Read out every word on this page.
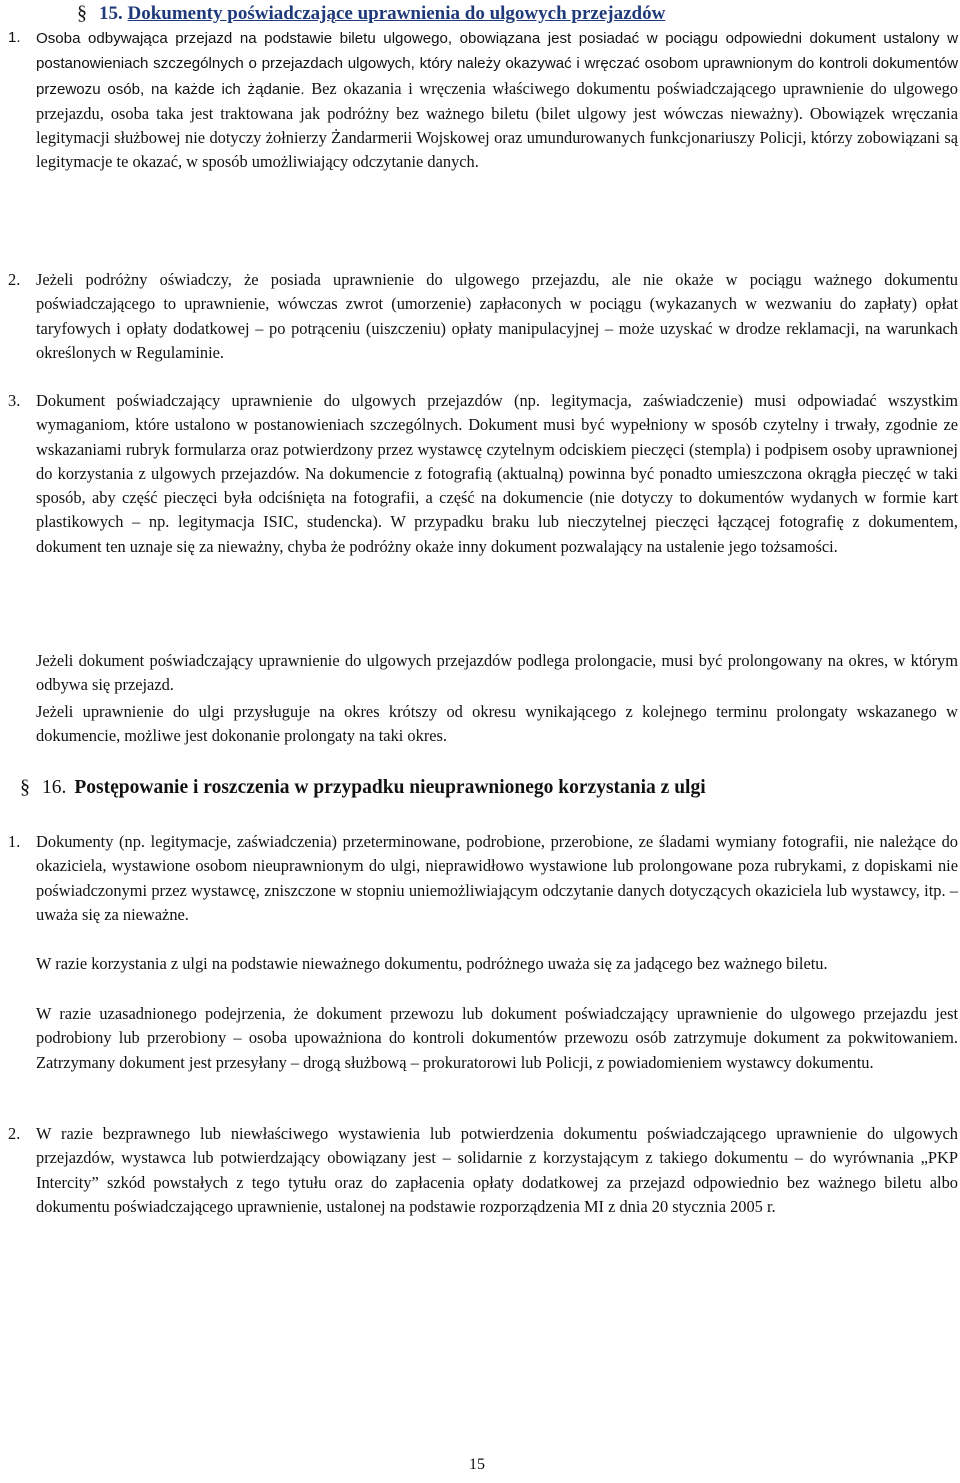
§ 15. Dokumenty poświadczające uprawnienia do ulgowych przejazdów
1. Osoba odbywająca przejazd na podstawie biletu ulgowego, obowiązana jest posiadać w pociągu odpowiedni dokument ustalony w postanowieniach szczególnych o przejazdach ulgowych, który należy okazywać i wręczać osobom uprawnionym do kontroli dokumentów przewozu osób, na każde ich żądanie. Bez okazania i wręczenia właściwego dokumentu poświadczającego uprawnienie do ulgowego przejazdu, osoba taka jest traktowana jak podróżny bez ważnego biletu (bilet ulgowy jest wówczas nieważny). Obowiązek wręczania legitymacji służbowej nie dotyczy żołnierzy Żandarmerii Wojskowej oraz umundurowanych funkcjonariuszy Policji, którzy zobowiązani są legitymacje te okazać, w sposób umożliwiający odczytanie danych.
2. Jeżeli podróżny oświadczy, że posiada uprawnienie do ulgowego przejazdu, ale nie okaże w pociągu ważnego dokumentu poświadczającego to uprawnienie, wówczas zwrot (umorzenie) zapłaconych w pociągu (wykazanych w wezwaniu do zapłaty) opłat taryfowych i opłaty dodatkowej – po potrąceniu (uiszczeniu) opłaty manipulacyjnej – może uzyskać w drodze reklamacji, na warunkach określonych w Regulaminie.
3. Dokument poświadczający uprawnienie do ulgowych przejazdów (np. legitymacja, zaświadczenie) musi odpowiadać wszystkim wymaganiom, które ustalono w postanowieniach szczególnych. Dokument musi być wypełniony w sposób czytelny i trwały, zgodnie ze wskazaniami rubryk formularza oraz potwierdzony przez wystawcę czytelnym odciskiem pieczęci (stempla) i podpisem osoby uprawnionej do korzystania z ulgowych przejazdów. Na dokumencie z fotografią (aktualną) powinna być ponadto umieszczona okrągła pieczęć w taki sposób, aby część pieczęci była odciśnięta na fotografii, a część na dokumencie (nie dotyczy to dokumentów wydanych w formie kart plastikowych – np. legitymacja ISIC, studencka). W przypadku braku lub nieczytelnej pieczęci łączącej fotografię z dokumentem, dokument ten uznaje się za nieważny, chyba że podróżny okaże inny dokument pozwalający na ustalenie jego tożsamości.
Jeżeli dokument poświadczający uprawnienie do ulgowych przejazdów podlega prolongacie, musi być prolongowany na okres, w którym odbywa się przejazd.
Jeżeli uprawnienie do ulgi przysługuje na okres krótszy od okresu wynikającego z kolejnego terminu prolongaty wskazanego w dokumencie, możliwe jest dokonanie prolongaty na taki okres.
§ 16. Postępowanie i roszczenia w przypadku nieuprawnionego korzystania z ulgi
1. Dokumenty (np. legitymacje, zaświadczenia) przeterminowane, podrobione, przerobione, ze śladami wymiany fotografii, nie należące do okaziciela, wystawione osobom nieuprawnionym do ulgi, nieprawidłowo wystawione lub prolongowane poza rubrykami, z dopiskami nie poświadczonymi przez wystawcę, zniszczone w stopniu uniemożliwiającym odczytanie danych dotyczących okaziciela lub wystawcy, itp. – uważa się za nieważne.
W razie korzystania z ulgi na podstawie nieważnego dokumentu, podróżnego uważa się za jadącego bez ważnego biletu.
W razie uzasadnionego podejrzenia, że dokument przewozu lub dokument poświadczający uprawnienie do ulgowego przejazdu jest podrobiony lub przerobiony – osoba upoważniona do kontroli dokumentów przewozu osób zatrzymuje dokument za pokwitowaniem. Zatrzymany dokument jest przesyłany – drogą służbową – prokuratorowi lub Policji, z powiadomieniem wystawcy dokumentu.
2. W razie bezprawnego lub niewłaściwego wystawienia lub potwierdzenia dokumentu poświadczającego uprawnienie do ulgowych przejazdów, wystawca lub potwierdzający obowiązany jest – solidarnie z korzystającym z takiego dokumentu – do wyrównania „PKP Intercity” szkód powstałych z tego tytułu oraz do zapłacenia opłaty dodatkowej za przejazd odpowiednio bez ważnego biletu albo dokumentu poświadczającego uprawnienie, ustalonej na podstawie rozporządzenia MI z dnia 20 stycznia 2005 r.
15
